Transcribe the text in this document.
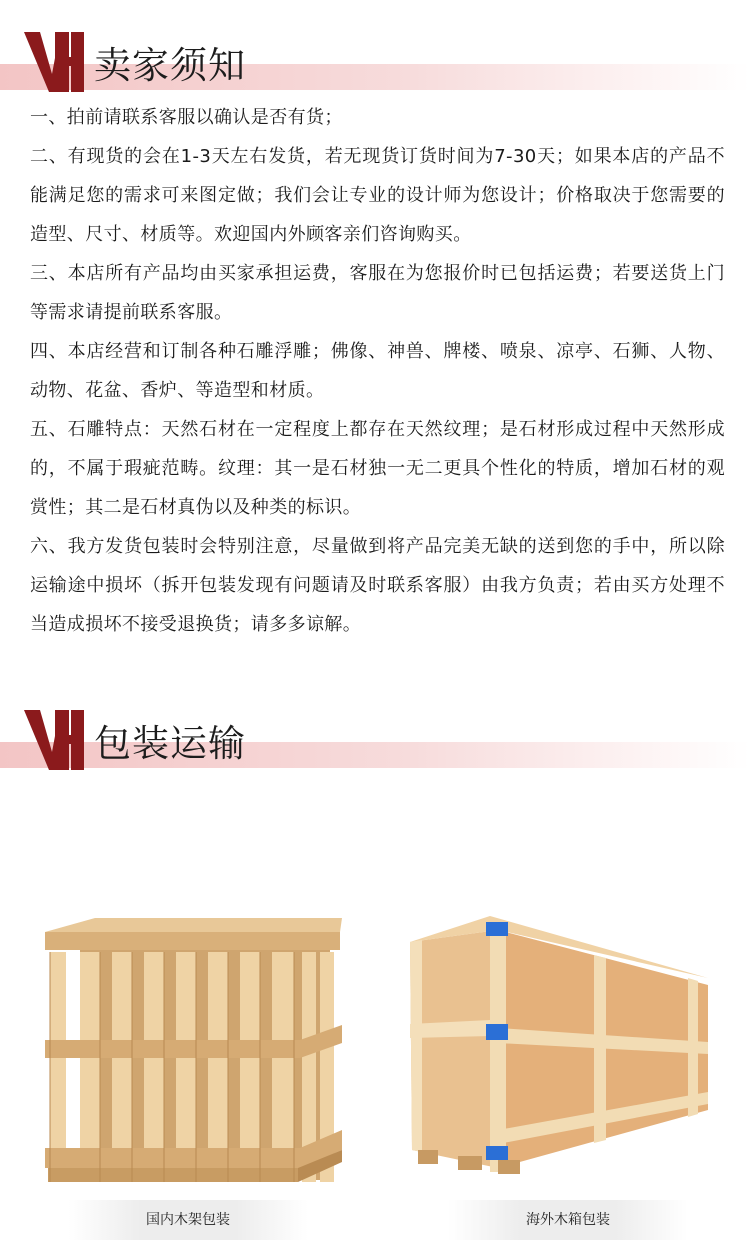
卖家须知

一、拍前请联系客服以确认是否有货；

二、有现货的会在1-3天左右发货，若无现货订货时间为7-30天；如果本店的产品不能满足您的需求可来图定做；我们会让专业的设计师为您设计；价格取决于您需要的造型、尺寸、材质等。欢迎国内外顾客亲们咨询购买。

三、本店所有产品均由买家承担运费，客服在为您报价时已包括运费；若要送货上门等需求请提前联系客服。

四、本店经营和订制各种石雕浮雕；佛像、神兽、牌楼、喷泉、凉亭、石狮、人物、动物、花盆、香炉、等造型和材质。

五、石雕特点：天然石材在一定程度上都存在天然纹理；是石材形成过程中天然形成的，不属于瑕疵范畴。纹理：其一是石材独一无二更具个性化的特质，增加石材的观赏性；其二是石材真伪以及种类的标识。

六、我方发货包装时会特别注意，尽量做到将产品完美无缺的送到您的手中，所以除运输途中损坏（拆开包装发现有问题请及时联系客服）由我方负责；若由买方处理不当造成损坏不接受退换货；请多多谅解。

包装运输
国内木架包装	海外木箱包装
